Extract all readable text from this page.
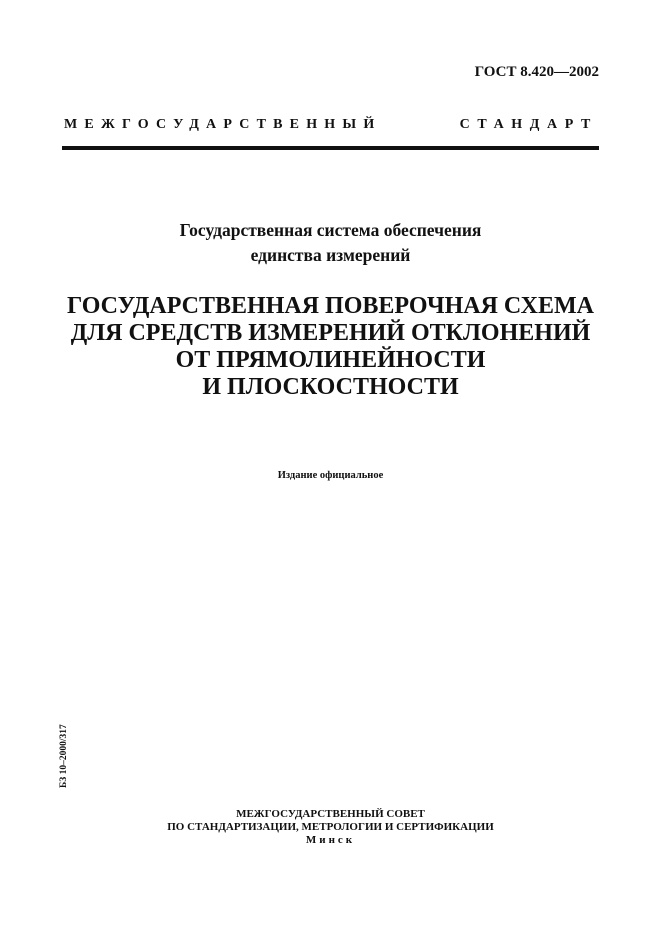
ГОСТ 8.420—2002
МЕЖГОСУДАРСТВЕННЫЙ	СТАНДАРТ
Государственная система обеспечения
единства измерений
ГОСУДАРСТВЕННАЯ ПОВЕРОЧНАЯ СХЕМА
ДЛЯ СРЕДСТВ ИЗМЕРЕНИЙ ОТКЛОНЕНИЙ
ОТ ПРЯМОЛИНЕЙНОСТИ
И ПЛОСКОСТНОСТИ
Издание официальное
БЗ 10–2000/317
МЕЖГОСУДАРСТВЕННЫЙ СОВЕТ
ПО СТАНДАРТИЗАЦИИ, МЕТРОЛОГИИ И СЕРТИФИКАЦИИ
Минск
